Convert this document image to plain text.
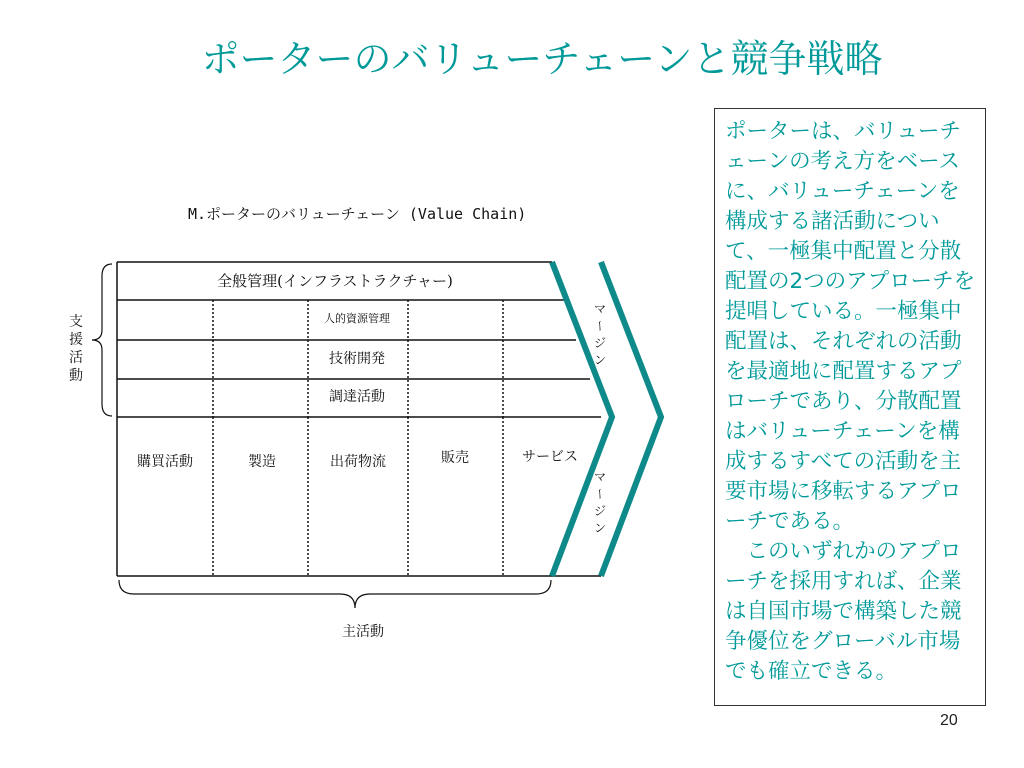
ポーターのバリューチェーンと競争戦略
M.ポーターのバリューチェーン (Value Chain)
全般管理(インフラストラクチャー)
人的資源管理
技術開発
調達活動
購買活動	製造	出荷物流	販売	サービス
マ
ー
ジ
ン
マ
ー
ジ
ン
支
援
活
動
主活動

ポーターは、バリューチェーンの考え方をベースに、バリューチェーンを構成する諸活動について、一極集中配置と分散配置の2つのアプローチを提唱している。一極集中配置は、それぞれの活動を最適地に配置するアプローチであり、分散配置はバリューチェーンを構成するすべての活動を主要市場に移転するアプローチである。

このいずれかのアプローチを採用すれば、企業は自国市場で構築した競争優位をグローバル市場でも確立できる。

20
